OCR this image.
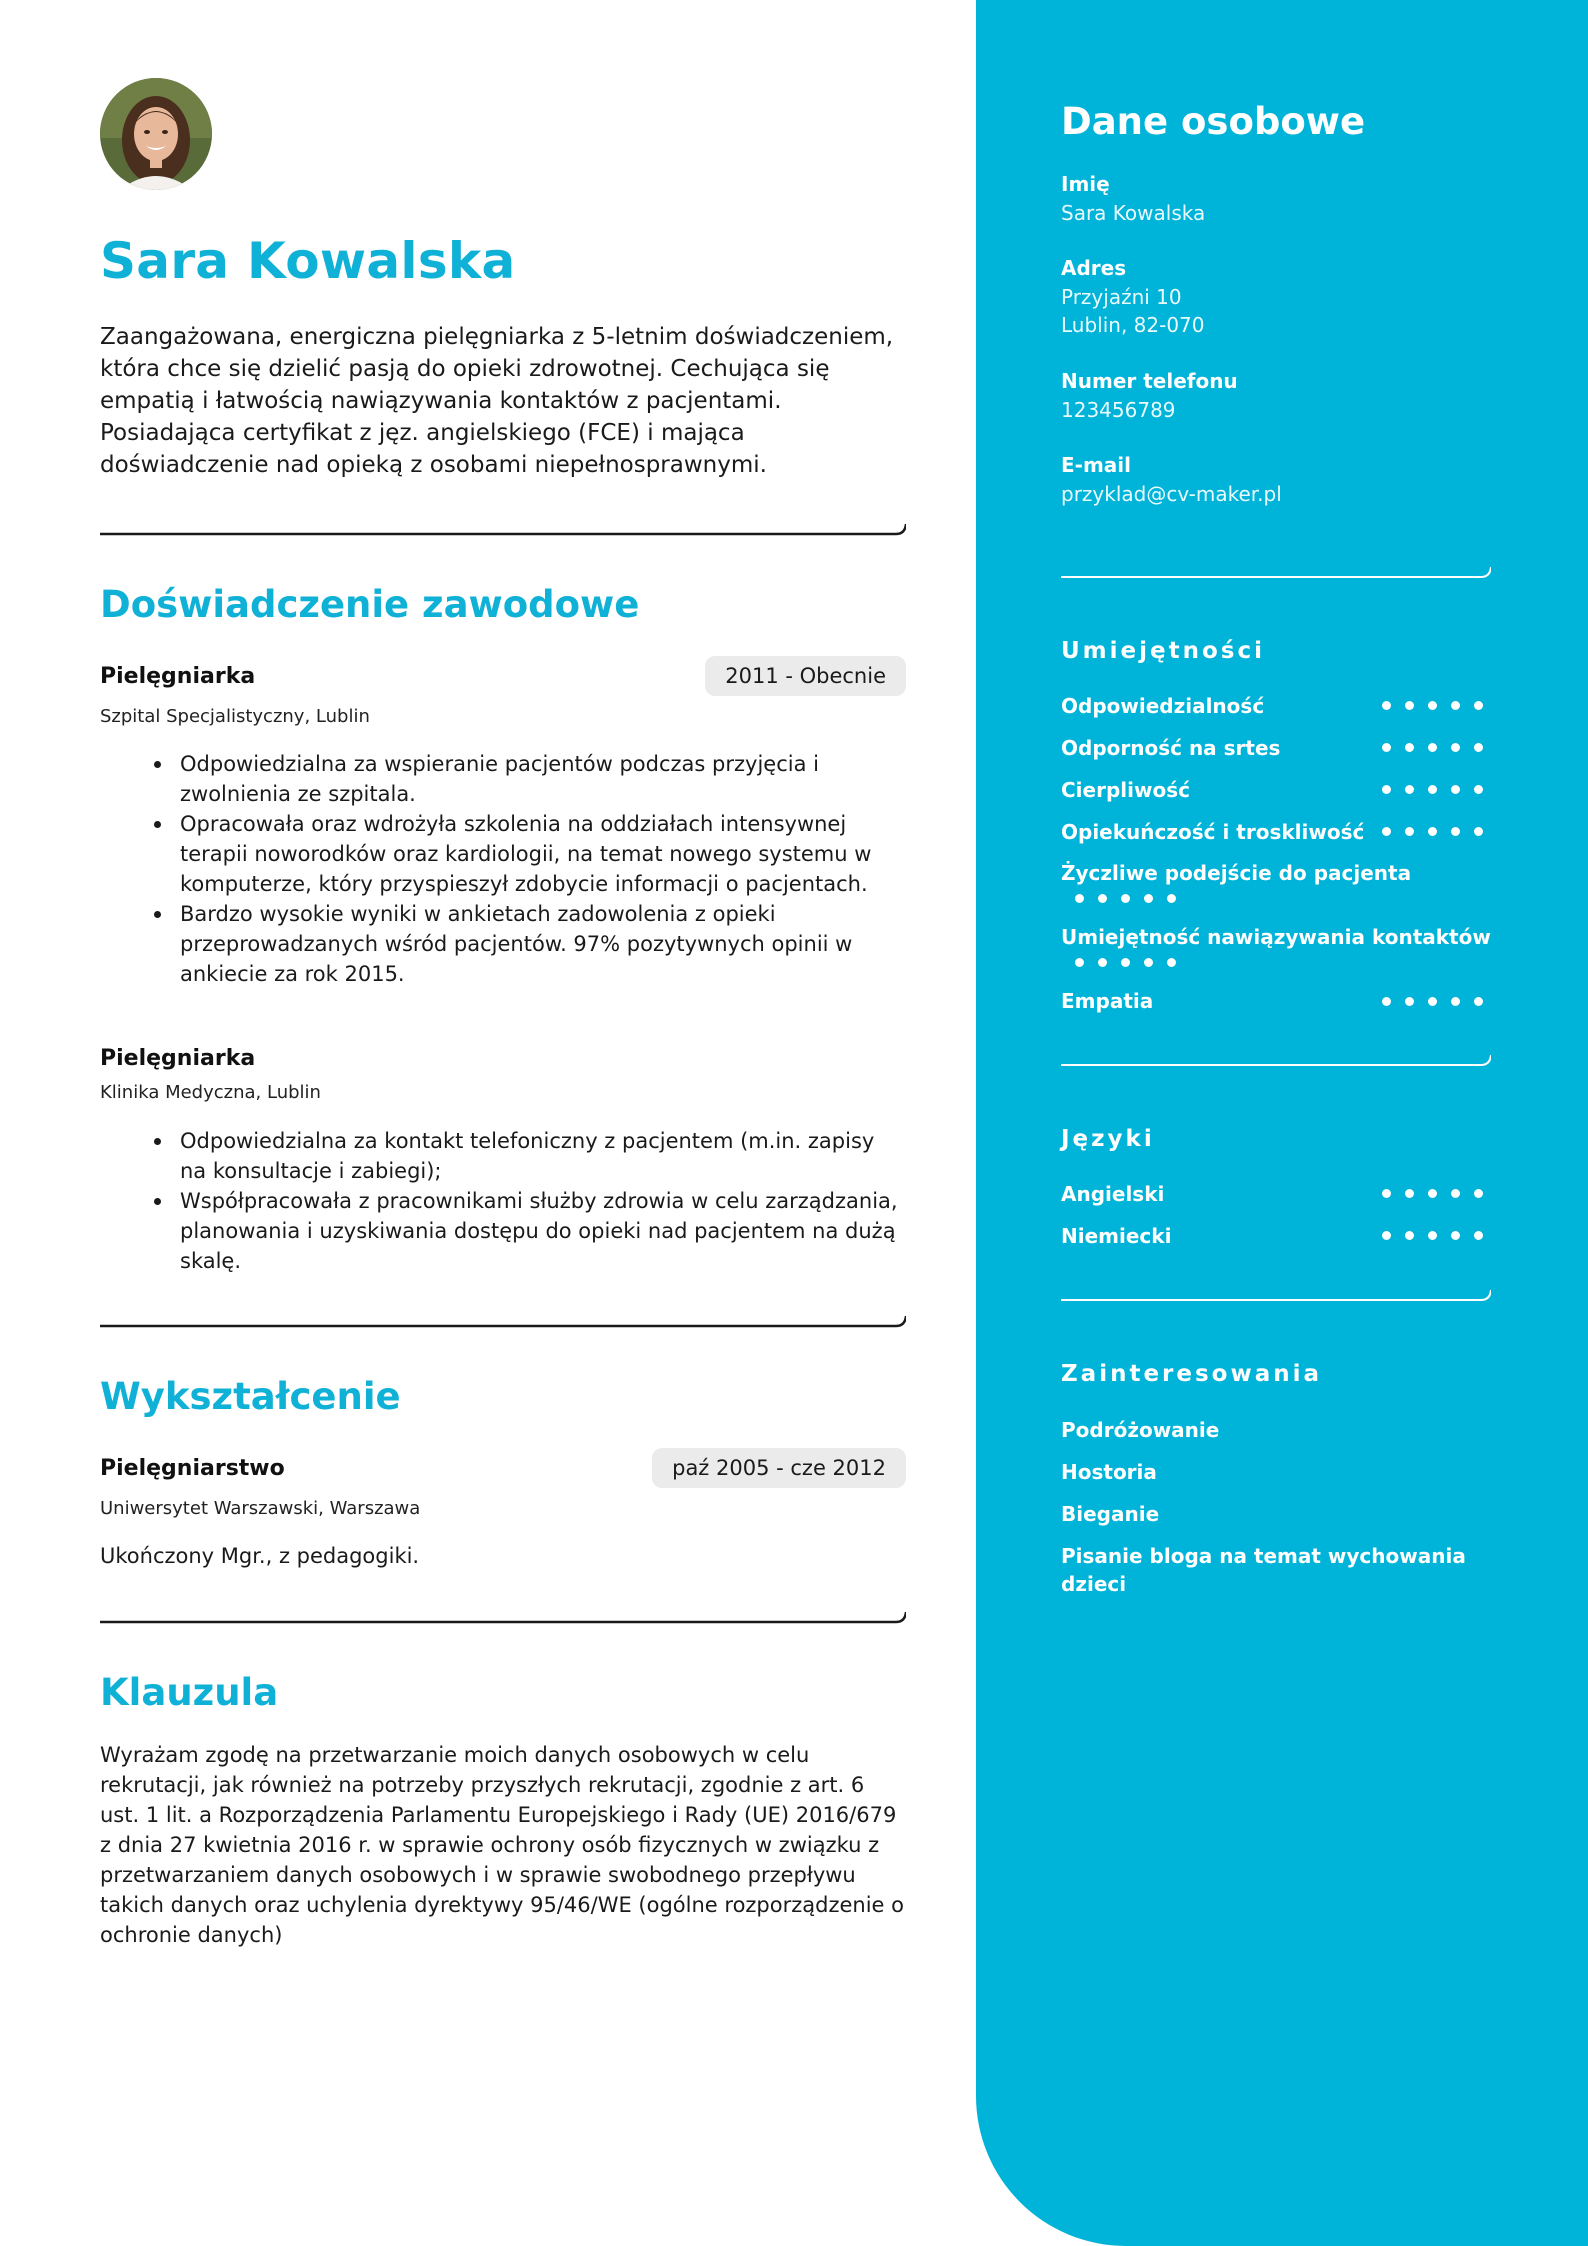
Sara Kowalska

Zaangażowana, energiczna pielęgniarka z 5-letnim doświadczeniem, która chce się dzielić pasją do opieki zdrowotnej. Cechująca się empatią i łatwością nawiązywania kontaktów z pacjentami. Posiadająca certyfikat z jęz. angielskiego (FCE) i mająca doświadczenie nad opieką z osobami niepełnosprawnymi.

Doświadczenie zawodowe

Pielęgniarka	2011 - Obecnie

Szpital Specjalistyczny, Lublin

Odpowiedzialna za wspieranie pacjentów podczas przyjęcia i zwolnienia ze szpitala.
Opracowała oraz wdrożyła szkolenia na oddziałach intensywnej terapii noworodków oraz kardiologii, na temat nowego systemu w komputerze, który przyspieszył zdobycie informacji o pacjentach.
Bardzo wysokie wyniki w ankietach zadowolenia z opieki przeprowadzanych wśród pacjentów. 97% pozytywnych opinii w ankiecie za rok 2015.

Pielęgniarka

Klinika Medyczna, Lublin

Odpowiedzialna za kontakt telefoniczny z pacjentem (m.in. zapisy na konsultacje i zabiegi);
Współpracowała z pracownikami służby zdrowia w celu zarządzania, planowania i uzyskiwania dostępu do opieki nad pacjentem na dużą skalę.
Wykształcenie

Pielęgniarstwo	paź 2005 - cze 2012

Uniwersytet Warszawski, Warszawa

Ukończony Mgr., z pedagogiki.

Klauzula

Wyrażam zgodę na przetwarzanie moich danych osobowych w celu rekrutacji, jak również na potrzeby przyszłych rekrutacji, zgodnie z art. 6 ust. 1 lit. a Rozporządzenia Parlamentu Europejskiego i Rady (UE) 2016/679 z dnia 27 kwietnia 2016 r. w sprawie ochrony osób fizycznych w związku z przetwarzaniem danych osobowych i w sprawie swobodnego przepływu takich danych oraz uchylenia dyrektywy 95/46/WE (ogólne rozporządzenie o ochronie danych)

Dane osobowe

Imię

Sara Kowalska

Adres

Przyjaźni 10

Lublin, 82-070

Numer telefonu

123456789

E-mail

przyklad@cv-maker.pl

Umiejętności

Odpowiedzialność

Odporność na srtes

Cierpliwość

Opiekuńczość i troskliwość

Życzliwe podejście do pacjenta

Umiejętność nawiązywania kontaktów

Empatia

Języki

Angielski

Niemiecki

Zainteresowania

Podróżowanie

Hostoria

Bieganie

Pisanie bloga na temat wychowania dzieci
